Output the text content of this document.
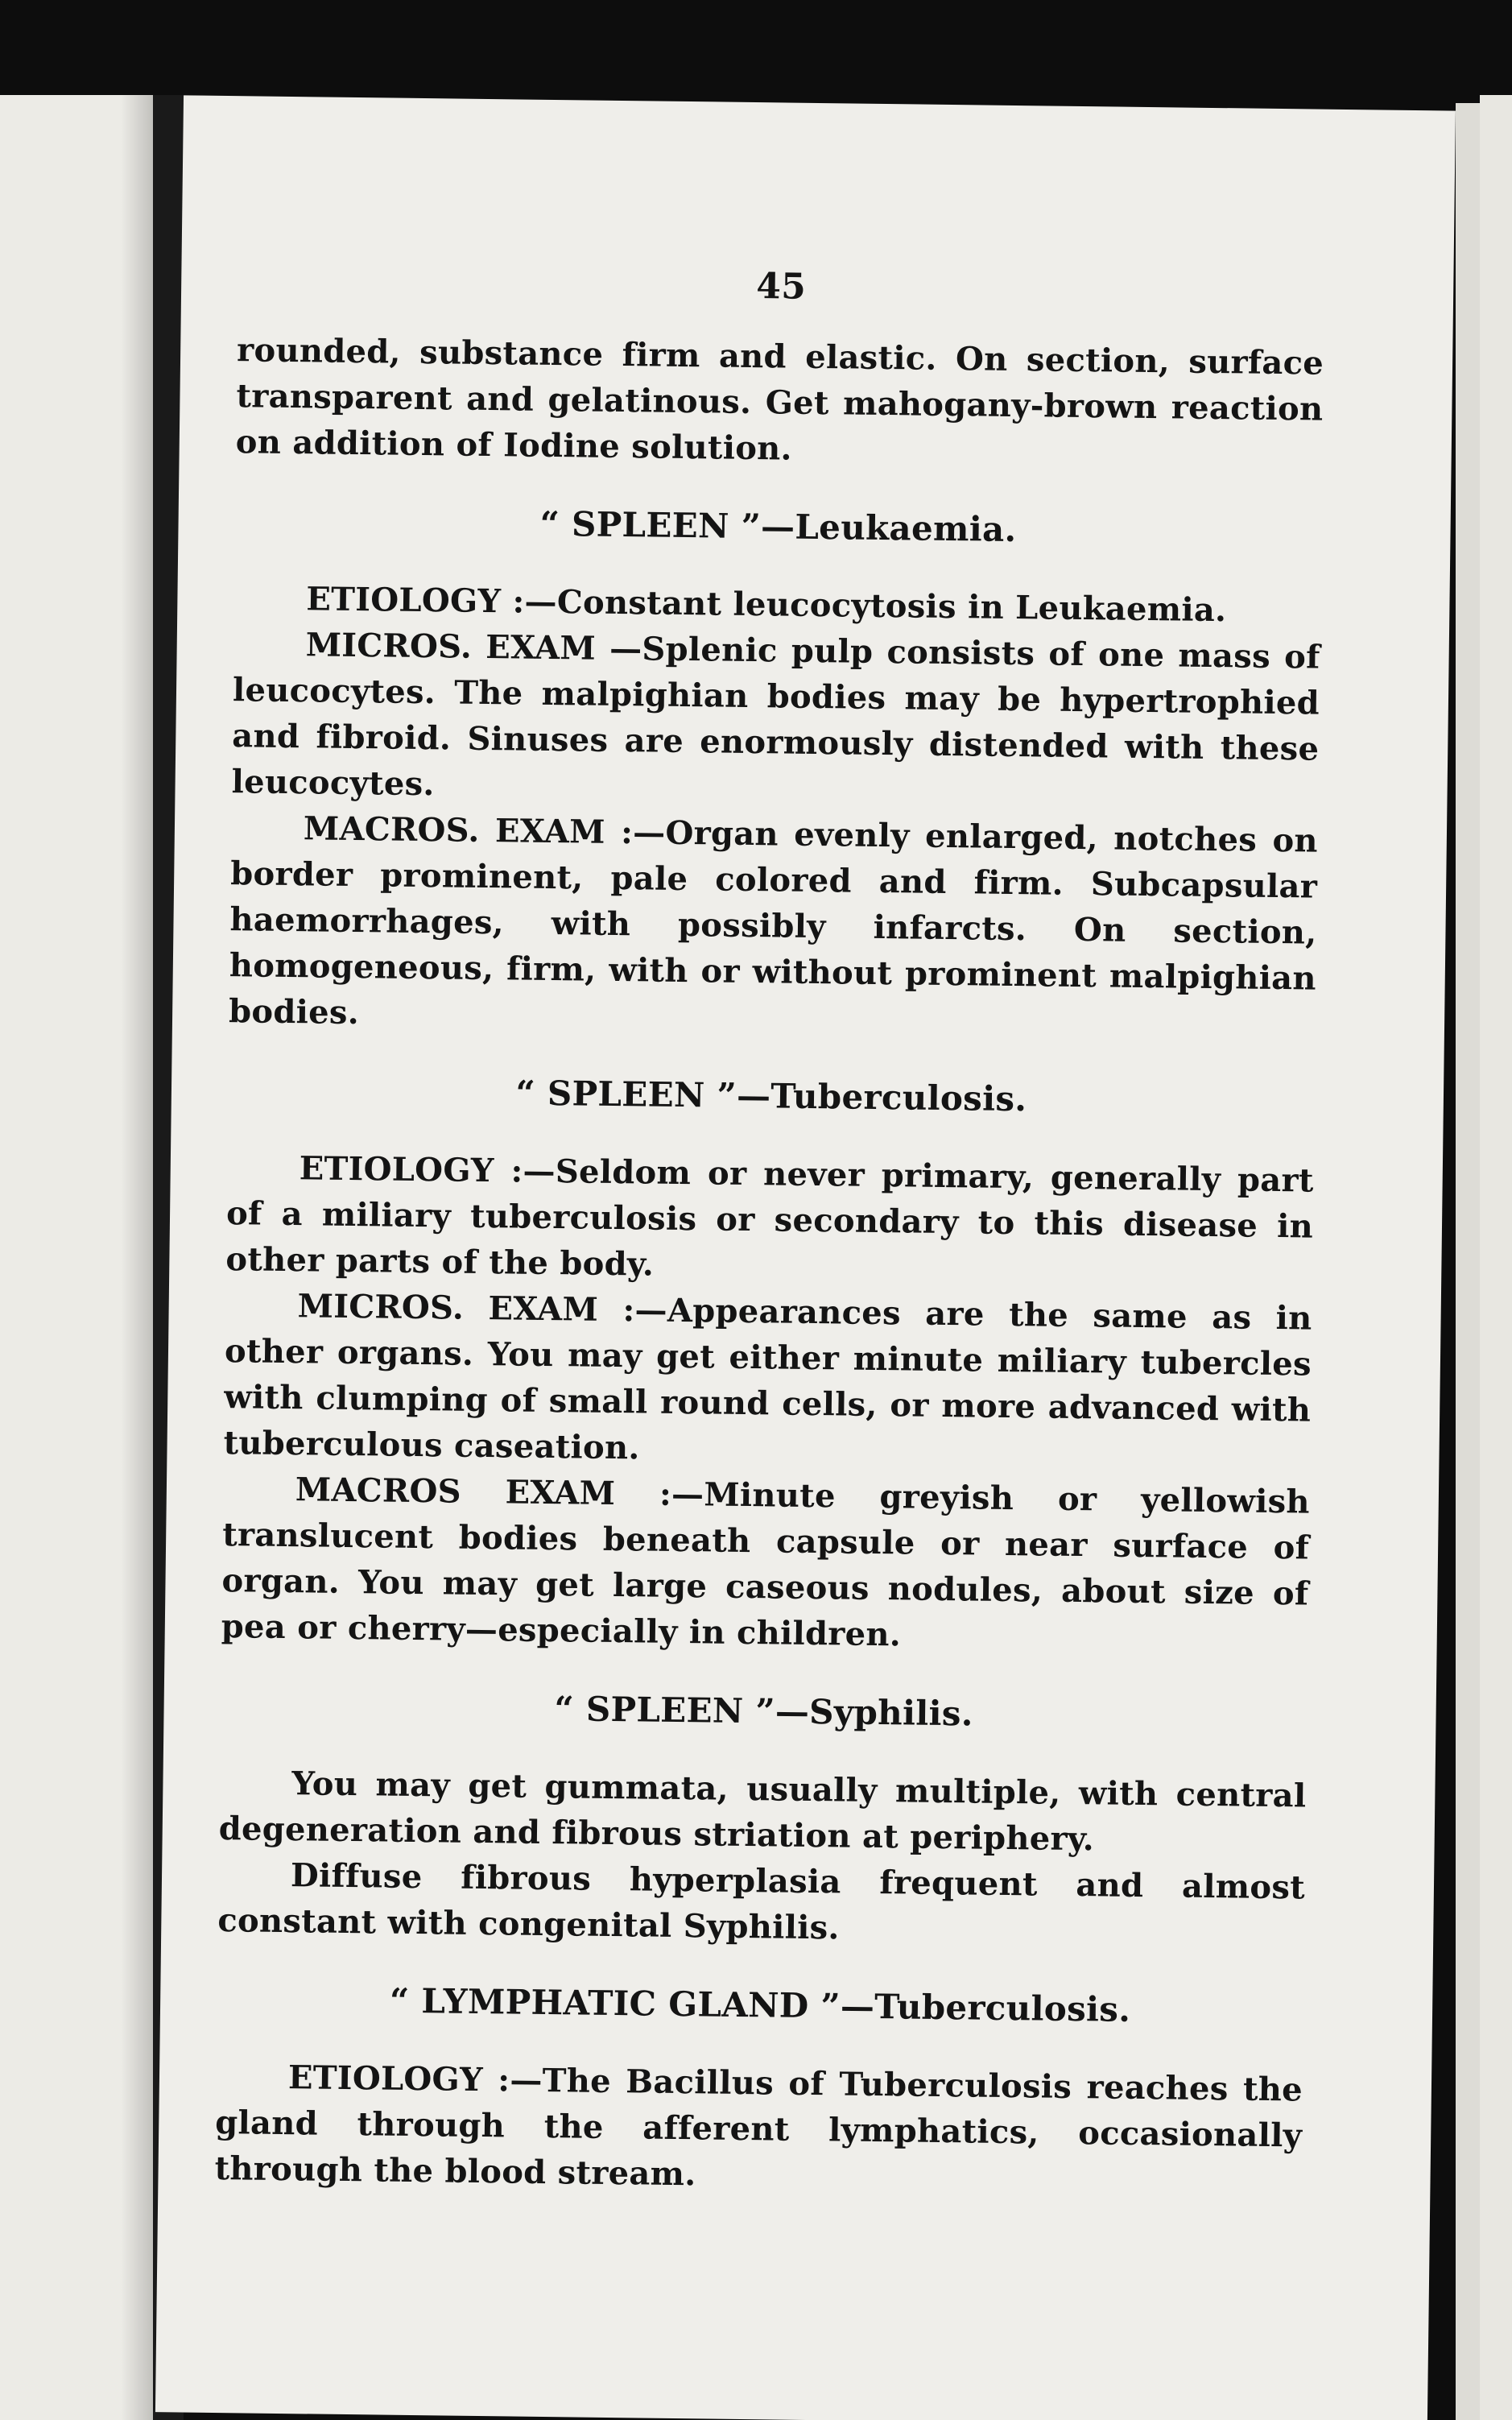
45

rounded, substance firm and elastic. On section, surface transparent and gelatinous. Get mahogany-brown reaction on addition of Iodine solution.

“ SPLEEN ”—Leukaemia.

ETIOLOGY :—Constant leucocytosis in Leukaemia.

MICROS. EXAM —Splenic pulp consists of one mass of leucocytes. The malpighian bodies may be hypertrophied and fibroid. Sinuses are enormously distended with these leucocytes.

MACROS. EXAM :—Organ evenly enlarged, notches on border prominent, pale colored and firm. Subcapsular haemorrhages, with possibly infarcts. On section, homogeneous, firm, with or without prominent malpighian bodies.

“ SPLEEN ”—Tuberculosis.

ETIOLOGY :—Seldom or never primary, generally part of a miliary tuberculosis or secondary to this disease in other parts of the body.

MICROS. EXAM :—Appearances are the same as in other organs. You may get either minute miliary tubercles with clumping of small round cells, or more advanced with tuberculous caseation.

MACROS EXAM :—Minute greyish or yellowish translucent bodies beneath capsule or near surface of organ. You may get large caseous nodules, about size of pea or cherry—especially in children.

“ SPLEEN ”—Syphilis.

You may get gummata, usually multiple, with central degeneration and fibrous striation at periphery.

Diffuse fibrous hyperplasia frequent and almost constant with congenital Syphilis.

“ LYMPHATIC GLAND ”—Tuberculosis.

ETIOLOGY :—The Bacillus of Tuberculosis reaches the gland through the afferent lymphatics, occasionally through the blood stream.
